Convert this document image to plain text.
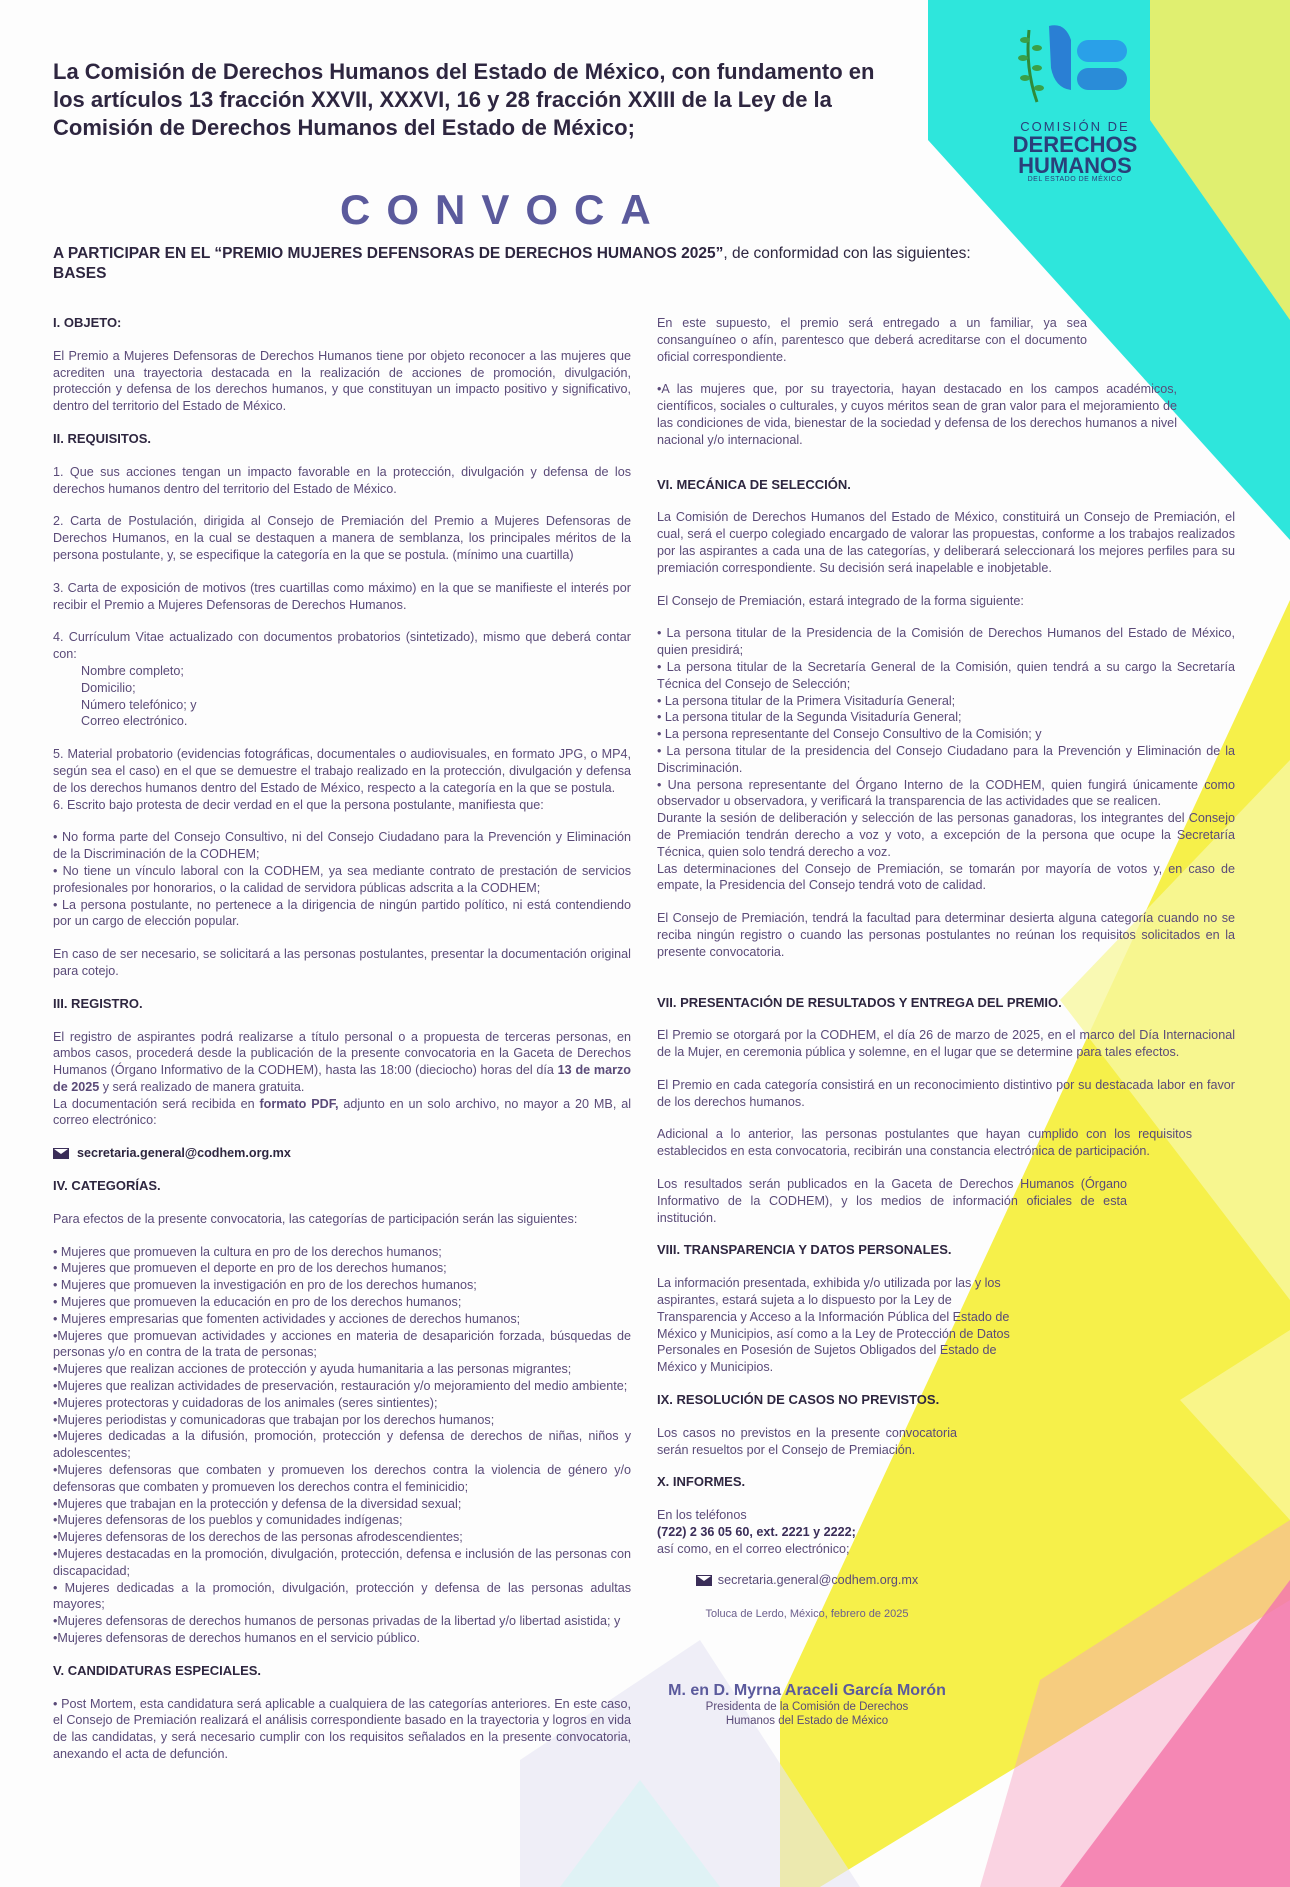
COMISIÓN DE
DERECHOS
HUMANOS
DEL ESTADO DE MÉXICO
La Comisión de Derechos Humanos del Estado de México, con fundamento en los artículos 13 fracción XXVII, XXXVI, 16 y 28 fracción XXIII de la Ley de la Comisión de Derechos Humanos del Estado de México;
CONVOCA
A PARTICIPAR EN EL “PREMIO MUJERES DEFENSORAS DE DERECHOS HUMANOS 2025”, de conformidad con las siguientes:
BASES
I. OBJETO:

El Premio a Mujeres Defensoras de Derechos Humanos tiene por objeto reconocer a las mujeres que acrediten una trayectoria destacada en la realización de acciones de promoción, divulgación, protección y defensa de los derechos humanos, y que constituyan un impacto positivo y significativo, dentro del territorio del Estado de México.

II. REQUISITOS.

1. Que sus acciones tengan un impacto favorable en la protección, divulgación y defensa de los derechos humanos dentro del territorio del Estado de México.

2. Carta de Postulación, dirigida al Consejo de Premiación del Premio a Mujeres Defensoras de Derechos Humanos, en la cual se destaquen a manera de semblanza, los principales méritos de la persona postulante, y, se especifique la categoría en la que se postula. (mínimo una cuartilla)

3. Carta de exposición de motivos (tres cuartillas como máximo) en la que se manifieste el interés por recibir el Premio a Mujeres Defensoras de Derechos Humanos.

4. Currículum Vitae actualizado con documentos probatorios (sintetizado), mismo que deberá contar con:

Nombre completo;
Domicilio;
Número telefónico; y
Correo electrónico.

5. Material probatorio (evidencias fotográficas, documentales o audiovisuales, en formato JPG, o MP4, según sea el caso) en el que se demuestre el trabajo realizado en la protección, divulgación y defensa de los derechos humanos dentro del Estado de México, respecto a la categoría en la que se postula.

6. Escrito bajo protesta de decir verdad en el que la persona postulante, manifiesta que:

• No forma parte del Consejo Consultivo, ni del Consejo Ciudadano para la Prevención y Eliminación de la Discriminación de la CODHEM;
• No tiene un vínculo laboral con la CODHEM, ya sea mediante contrato de prestación de servicios profesionales por honorarios, o la calidad de servidora públicas adscrita a la CODHEM;
• La persona postulante, no pertenece a la dirigencia de ningún partido político, ni está contendiendo por un cargo de elección popular.

En caso de ser necesario, se solicitará a las personas postulantes, presentar la documentación original para cotejo.

III. REGISTRO.

El registro de aspirantes podrá realizarse a título personal o a propuesta de terceras personas, en ambos casos, procederá desde la publicación de la presente convocatoria en la Gaceta de Derechos Humanos (Órgano Informativo de la CODHEM), hasta las 18:00 (dieciocho) horas del día 13 de marzo de 2025 y será realizado de manera gratuita.

La documentación será recibida en formato PDF, adjunto en un solo archivo, no mayor a 20 MB, al correo electrónico:

secretaria.general@codhem.org.mx
IV. CATEGORÍAS.

Para efectos de la presente convocatoria, las categorías de participación serán las siguientes:

• Mujeres que promueven la cultura en pro de los derechos humanos;
• Mujeres que promueven el deporte en pro de los derechos humanos;
• Mujeres que promueven la investigación en pro de los derechos humanos;
• Mujeres que promueven la educación en pro de los derechos humanos;
• Mujeres empresarias que fomenten actividades y acciones de derechos humanos;
•Mujeres que promuevan actividades y acciones en materia de desaparición forzada, búsquedas de personas y/o en contra de la trata de personas;
•Mujeres que realizan acciones de protección y ayuda humanitaria a las personas migrantes;
•Mujeres que realizan actividades de preservación, restauración y/o mejoramiento del medio ambiente;
•Mujeres protectoras y cuidadoras de los animales (seres sintientes);
•Mujeres periodistas y comunicadoras que trabajan por los derechos humanos;
•Mujeres dedicadas a la difusión, promoción, protección y defensa de derechos de niñas, niños y adolescentes;
•Mujeres defensoras que combaten y promueven los derechos contra la violencia de género y/o defensoras que combaten y promueven los derechos contra el feminicidio;
•Mujeres que trabajan en la protección y defensa de la diversidad sexual;
•Mujeres defensoras de los pueblos y comunidades indígenas;
•Mujeres defensoras de los derechos de las personas afrodescendientes;
•Mujeres destacadas en la promoción, divulgación, protección, defensa e inclusión de las personas con discapacidad;
• Mujeres dedicadas a la promoción, divulgación, protección y defensa de las personas adultas mayores;
•Mujeres defensoras de derechos humanos de personas privadas de la libertad y/o libertad asistida; y
•Mujeres defensoras de derechos humanos en el servicio público.
V. CANDIDATURAS ESPECIALES.

• Post Mortem, esta candidatura será aplicable a cualquiera de las categorías anteriores. En este caso, el Consejo de Premiación realizará el análisis correspondiente basado en la trayectoria y logros en vida de las candidatas, y será necesario cumplir con los requisitos señalados en la presente convocatoria, anexando el acta de defunción.

En este supuesto, el premio será entregado a un familiar, ya sea consanguíneo o afín, parentesco que deberá acreditarse con el documento oficial correspondiente.

•A las mujeres que, por su trayectoria, hayan destacado en los campos académicos, científicos, sociales o culturales, y cuyos méritos sean de gran valor para el mejoramiento de las condiciones de vida, bienestar de la sociedad y defensa de los derechos humanos a nivel nacional y/o internacional.

VI. MECÁNICA DE SELECCIÓN.

La Comisión de Derechos Humanos del Estado de México, constituirá un Consejo de Premiación, el cual, será el cuerpo colegiado encargado de valorar las propuestas, conforme a los trabajos realizados por las aspirantes a cada una de las categorías, y deliberará seleccionará los mejores perfiles para su premiación correspondiente. Su decisión será inapelable e inobjetable.

El Consejo de Premiación, estará integrado de la forma siguiente:

• La persona titular de la Presidencia de la Comisión de Derechos Humanos del Estado de México, quien presidirá;
• La persona titular de la Secretaría General de la Comisión, quien tendrá a su cargo la Secretaría Técnica del Consejo de Selección;
• La persona titular de la Primera Visitaduría General;
• La persona titular de la Segunda Visitaduría General;
• La persona representante del Consejo Consultivo de la Comisión; y
• La persona titular de la presidencia del Consejo Ciudadano para la Prevención y Eliminación de la Discriminación.
• Una persona representante del Órgano Interno de la CODHEM, quien fungirá únicamente como observador u observadora, y verificará la transparencia de las actividades que se realicen.
Durante la sesión de deliberación y selección de las personas ganadoras, los integrantes del Consejo de Premiación tendrán derecho a voz y voto, a excepción de la persona que ocupe la Secretaría Técnica, quien solo tendrá derecho a voz.
Las determinaciones del Consejo de Premiación, se tomarán por mayoría de votos y, en caso de empate, la Presidencia del Consejo tendrá voto de calidad.

El Consejo de Premiación, tendrá la facultad para determinar desierta alguna categoría cuando no se reciba ningún registro o cuando las personas postulantes no reúnan los requisitos solicitados en la presente convocatoria.

VII. PRESENTACIÓN DE RESULTADOS Y ENTREGA DEL PREMIO.

El Premio se otorgará por la CODHEM, el día 26 de marzo de 2025, en el marco del Día Internacional de la Mujer, en ceremonia pública y solemne, en el lugar que se determine para tales efectos.

El Premio en cada categoría consistirá en un reconocimiento distintivo por su destacada labor en favor de los derechos humanos.

Adicional a lo anterior, las personas postulantes que hayan cumplido con los requisitos establecidos en esta convocatoria, recibirán una constancia electrónica de participación.

Los resultados serán publicados en la Gaceta de Derechos Humanos (Órgano Informativo de la CODHEM), y los medios de información oficiales de esta institución.

VIII. TRANSPARENCIA Y DATOS PERSONALES.

La información presentada, exhibida y/o utilizada por las y los aspirantes, estará sujeta a lo dispuesto por la Ley de Transparencia y Acceso a la Información Pública del Estado de México y Municipios, así como a la Ley de Protección de Datos Personales en Posesión de Sujetos Obligados del Estado de México y Municipios.

IX. RESOLUCIÓN DE CASOS NO PREVISTOS.

Los casos no previstos en la presente convocatoria serán resueltos por el Consejo de Premiación.

X. INFORMES.

En los teléfonos

(722) 2 36 05 60, ext. 2221 y 2222;

así como, en el correo electrónico;

secretaria.general@codhem.org.mx
Toluca de Lerdo, México, febrero de 2025
M. en D. Myrna Araceli García Morón
Presidenta de la Comisión de Derechos
Humanos del Estado de México
